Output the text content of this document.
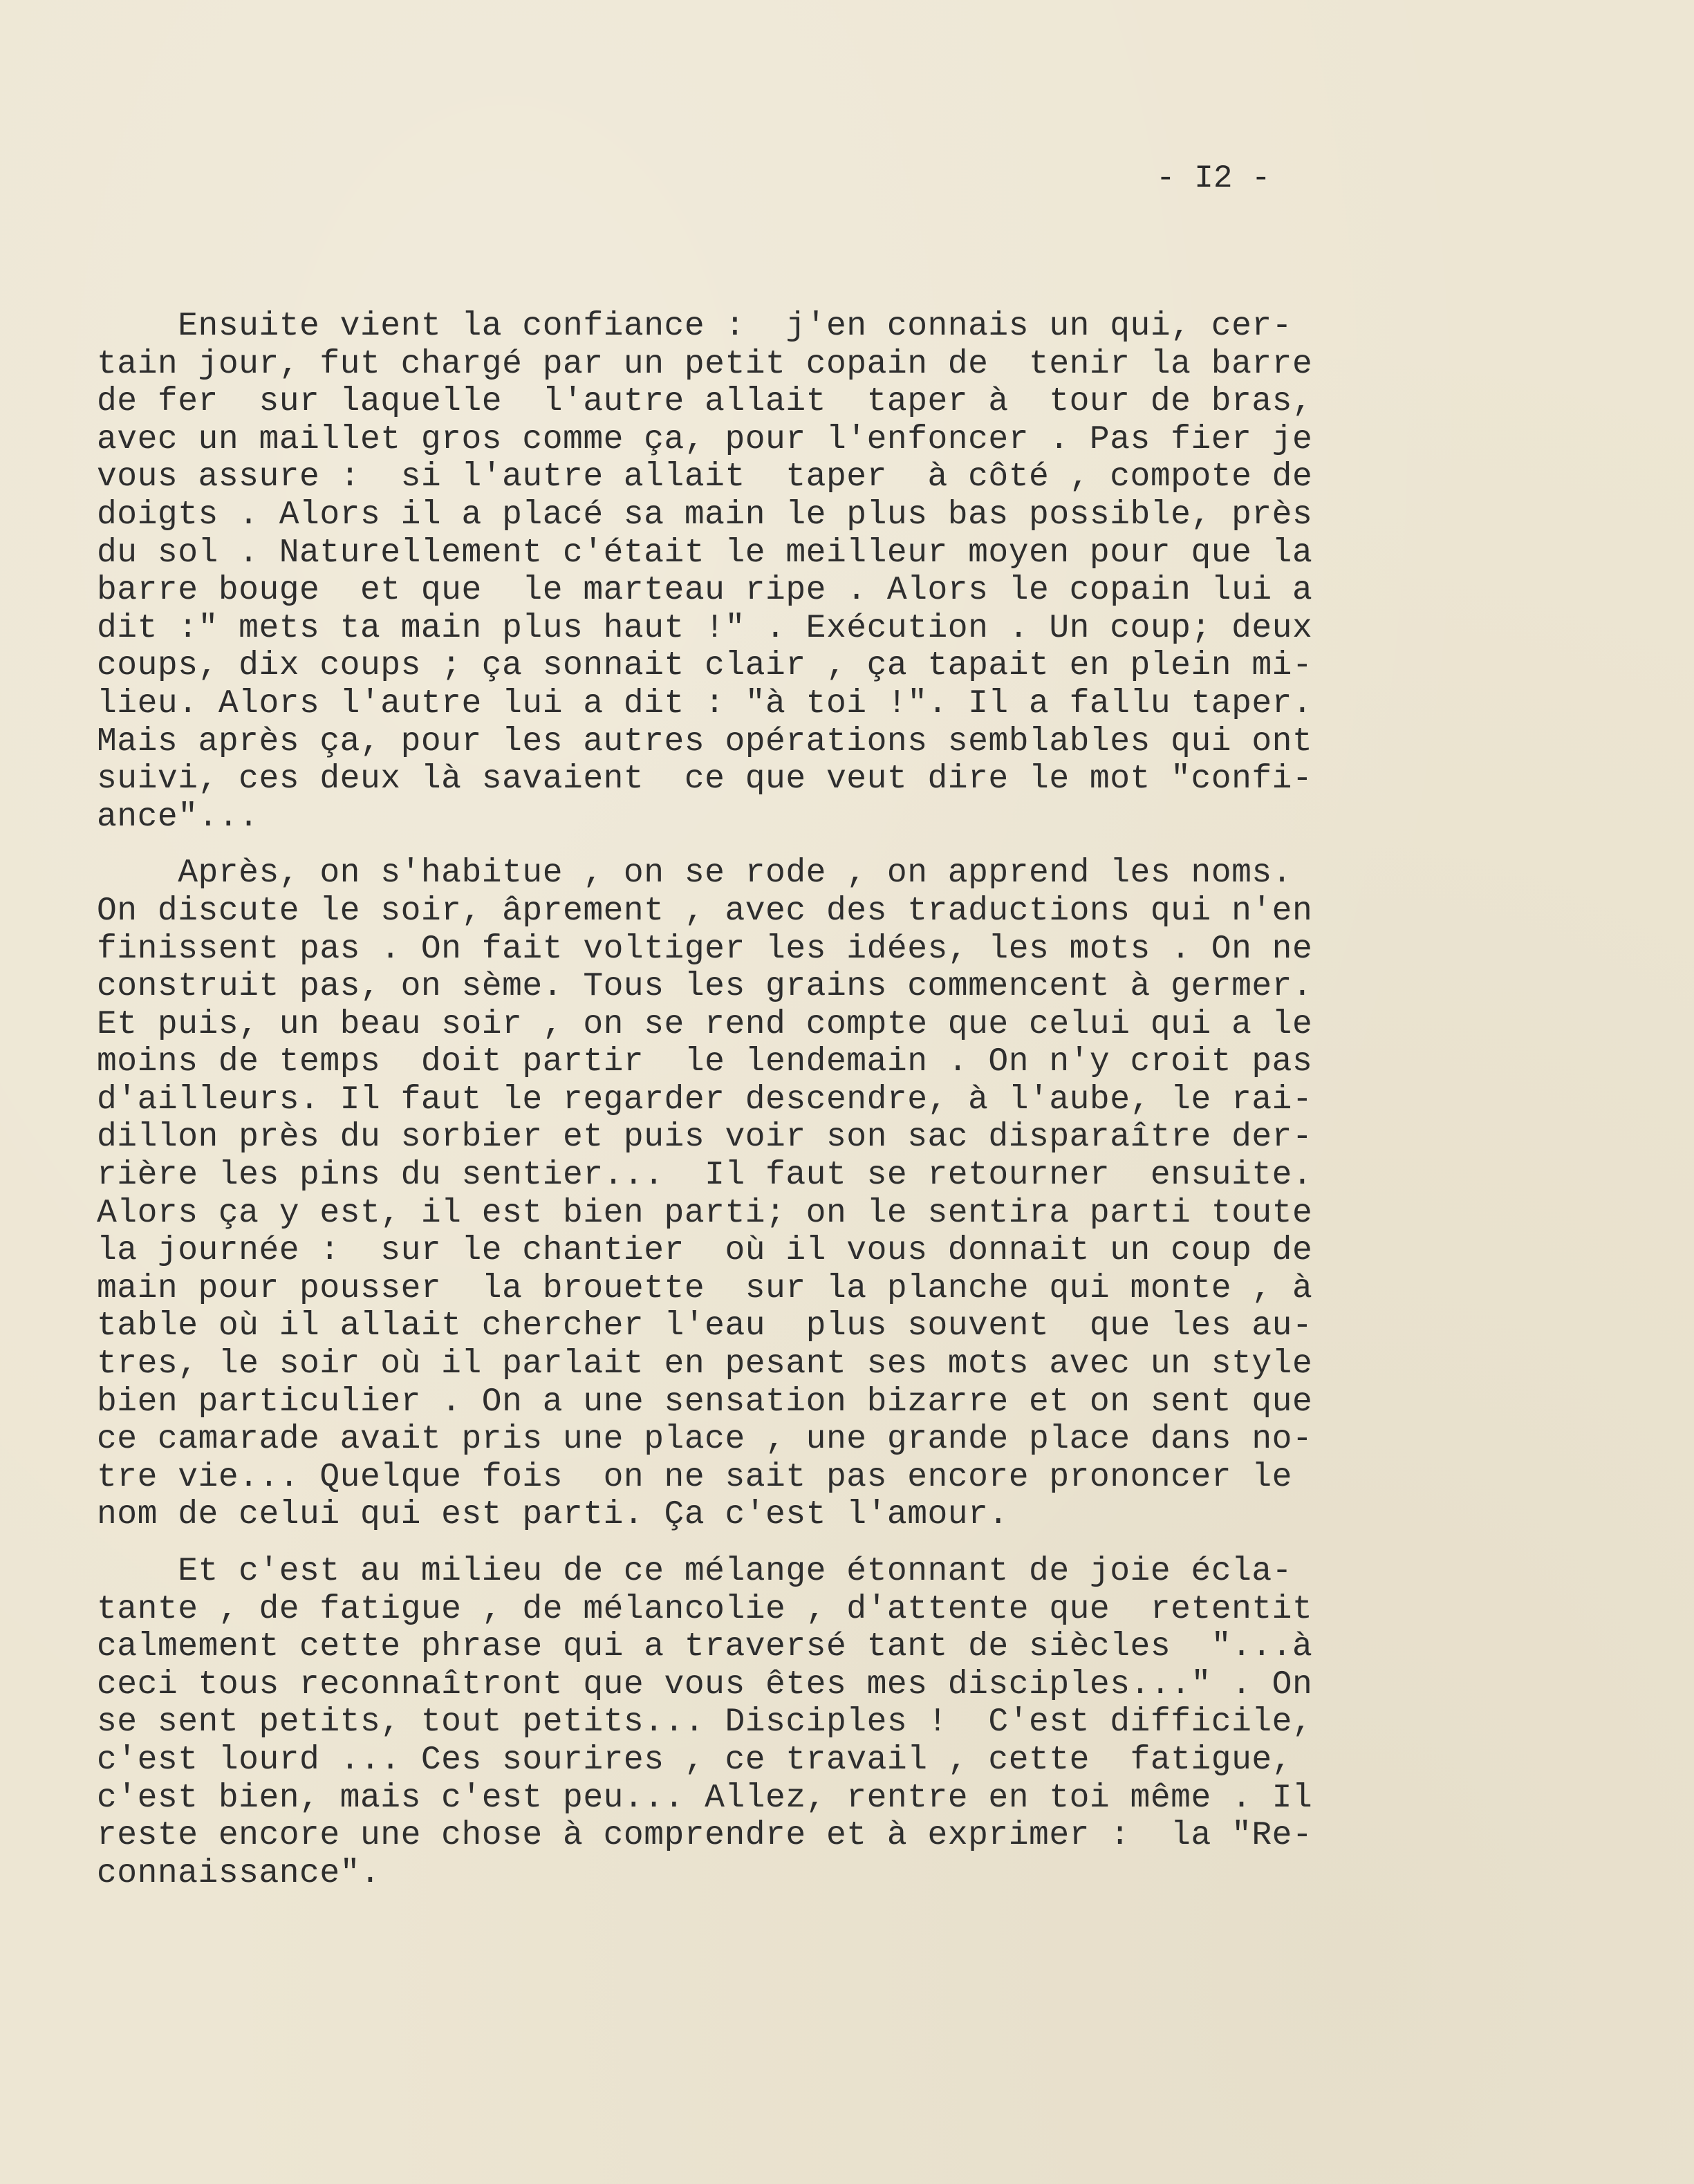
- I2 -
Ensuite vient la confiance :  j'en connais un qui, cer-
tain jour, fut chargé par un petit copain de  tenir la barre
de fer  sur laquelle  l'autre allait  taper à  tour de bras,
avec un maillet gros comme ça, pour l'enfoncer . Pas fier je
vous assure :  si l'autre allait  taper  à côté , compote de
doigts . Alors il a placé sa main le plus bas possible, près
du sol . Naturellement c'était le meilleur moyen pour que la
barre bouge  et que  le marteau ripe . Alors le copain lui a
dit :" mets ta main plus haut !" . Exécution . Un coup; deux
coups, dix coups ; ça sonnait clair , ça tapait en plein mi-
lieu. Alors l'autre lui a dit : "à toi !". Il a fallu taper.
Mais après ça, pour les autres opérations semblables qui ont
suivi, ces deux là savaient  ce que veut dire le mot "confi-
ance"...
Après, on s'habitue , on se rode , on apprend les noms.
On discute le soir, âprement , avec des traductions qui n'en
finissent pas . On fait voltiger les idées, les mots . On ne
construit pas, on sème. Tous les grains commencent à germer.
Et puis, un beau soir , on se rend compte que celui qui a le
moins de temps  doit partir  le lendemain . On n'y croit pas
d'ailleurs. Il faut le regarder descendre, à l'aube, le rai-
dillon près du sorbier et puis voir son sac disparaître der-
rière les pins du sentier...  Il faut se retourner  ensuite.
Alors ça y est, il est bien parti; on le sentira parti toute
la journée :  sur le chantier  où il vous donnait un coup de
main pour pousser  la brouette  sur la planche qui monte , à
table où il allait chercher l'eau  plus souvent  que les au-
tres, le soir où il parlait en pesant ses mots avec un style
bien particulier . On a une sensation bizarre et on sent que
ce camarade avait pris une place , une grande place dans no-
tre vie... Quelque fois  on ne sait pas encore prononcer le
nom de celui qui est parti. Ça c'est l'amour.
Et c'est au milieu de ce mélange étonnant de joie écla-
tante , de fatigue , de mélancolie , d'attente que  retentit
calmement cette phrase qui a traversé tant de siècles  "...à
ceci tous reconnaîtront que vous êtes mes disciples..." . On
se sent petits, tout petits... Disciples !  C'est difficile,
c'est lourd ... Ces sourires , ce travail , cette  fatigue,
c'est bien, mais c'est peu... Allez, rentre en toi même . Il
reste encore une chose à comprendre et à exprimer :  la "Re-
connaissance".
